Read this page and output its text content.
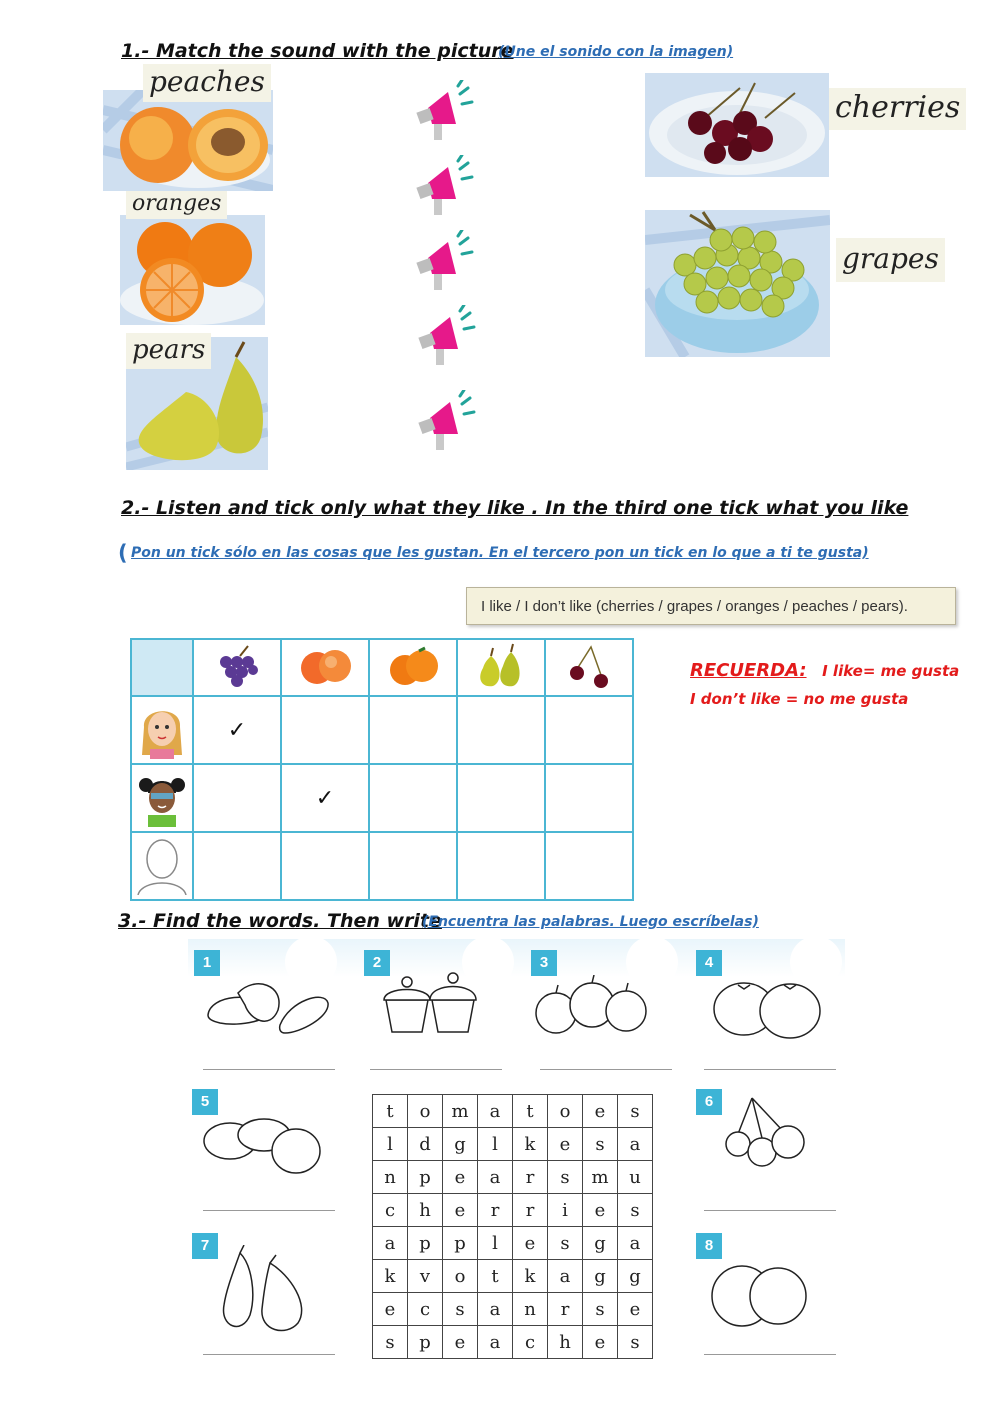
1.- Match the sound with the picture
(Une el sonido con la imagen)
peaches
oranges
pears
cherries
grapes
2.- Listen and tick only what they like . In the third one tick what you like
( Pon un tick sólo en las cosas que les gustan. En el tercero pon un tick en lo que a ti te gusta)
I like / I don’t like (cherries / grapes / oranges / peaches / pears).

	✓				
		✓			

RECUERDA: I like= me gusta
I don’t like = no me gusta
3.- Find the words. Then write
(Encuentra las palabras. Luego escríbelas)
1	2	3	4
5	6
7	8
t	o	m	a	t	o	e	s
l	d	g	l	k	e	s	a
n	p	e	a	r	s	m	u
c	h	e	r	r	i	e	s
a	p	p	l	e	s	g	a
k	v	o	t	k	a	g	g
e	c	s	a	n	r	s	e
s	p	e	a	c	h	e	s
